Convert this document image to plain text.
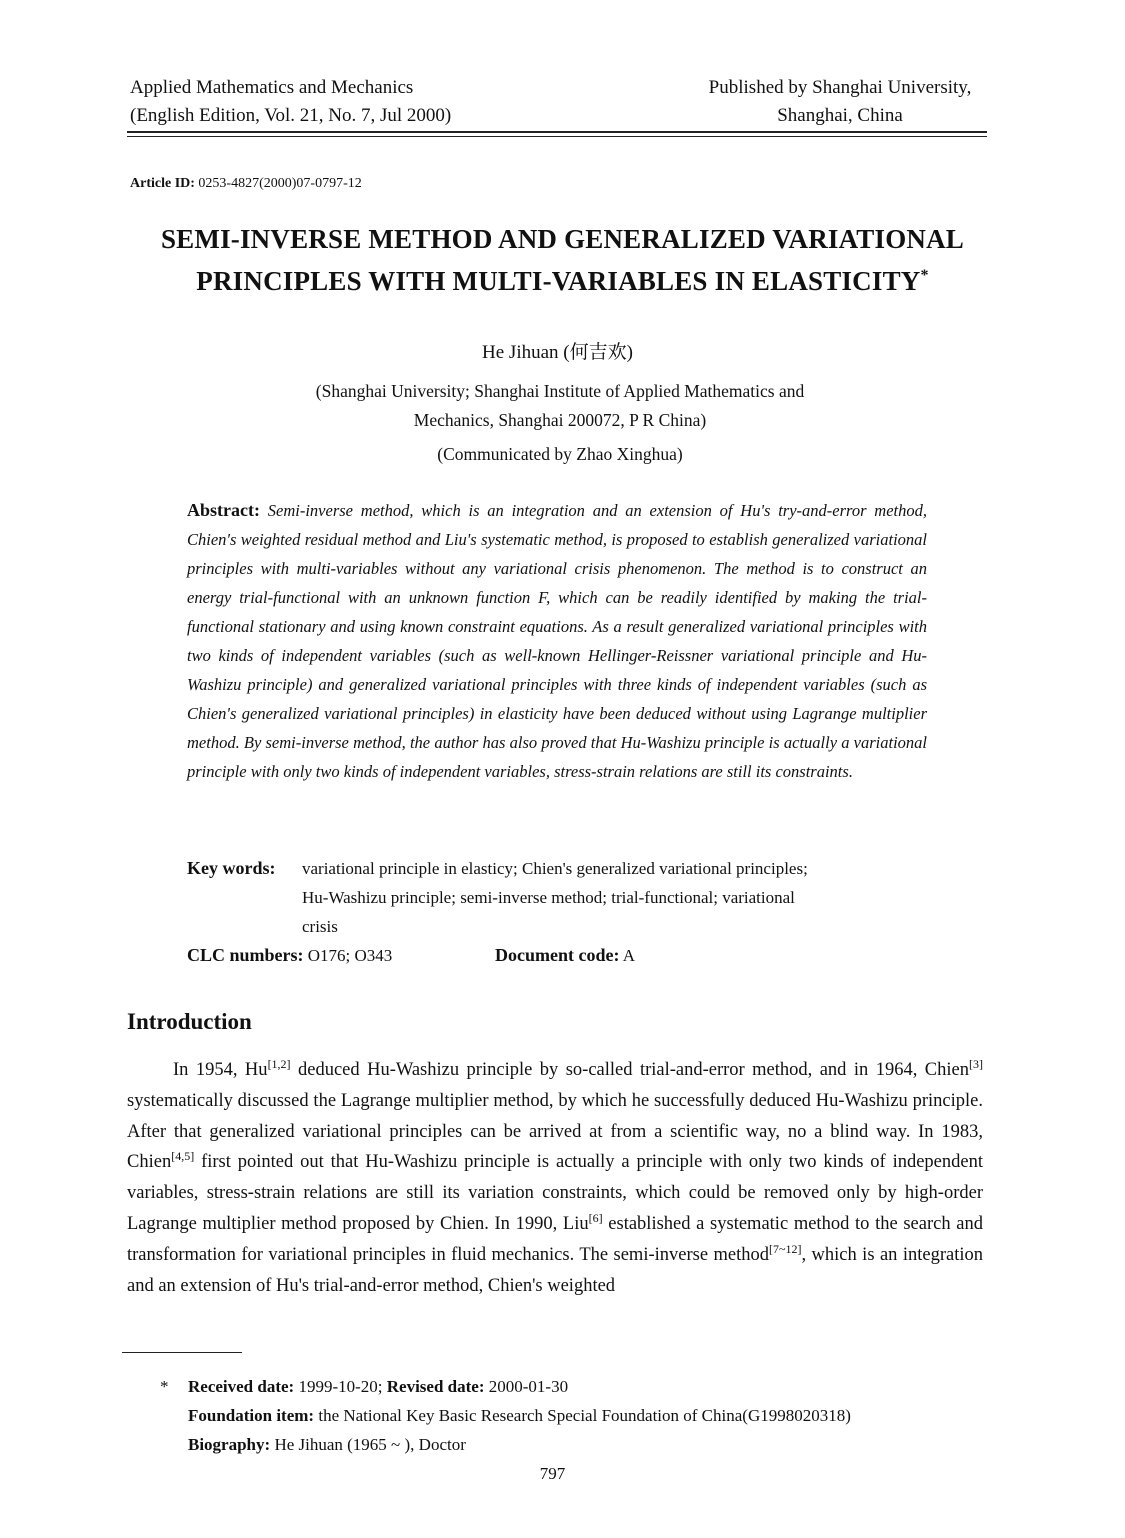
Applied Mathematics and Mechanics
(English Edition, Vol. 21, No. 7, Jul 2000)
Published by Shanghai University,
Shanghai, China
Article ID: 0253-4827(2000)07-0797-12
SEMI-INVERSE METHOD AND GENERALIZED VARIATIONAL
PRINCIPLES WITH MULTI-VARIABLES IN ELASTICITY*
He Jihuan (何吉欢)
(Shanghai University; Shanghai Institute of Applied Mathematics and
Mechanics, Shanghai 200072, P R China)
(Communicated by Zhao Xinghua)
Abstract: Semi-inverse method, which is an integration and an extension of Hu's try-and-error method, Chien's weighted residual method and Liu's systematic method, is proposed to establish generalized variational principles with multi-variables without any variational crisis phenomenon. The method is to construct an energy trial-functional with an unknown function F, which can be readily identified by making the trial-functional stationary and using known constraint equations. As a result generalized variational principles with two kinds of independent variables (such as well-known Hellinger-Reissner variational principle and Hu-Washizu principle) and generalized variational principles with three kinds of independent variables (such as Chien's generalized variational principles) in elasticity have been deduced without using Lagrange multiplier method. By semi-inverse method, the author has also proved that Hu-Washizu principle is actually a variational principle with only two kinds of independent variables, stress-strain relations are still its constraints.
Key words: variational principle in elasticy; Chien's generalized variational principles;
Hu-Washizu principle; semi-inverse method; trial-functional; variational
crisis
CLC numbers: O176; O343	Document code: A
Introduction

In 1954, Hu[1,2] deduced Hu-Washizu principle by so-called trial-and-error method, and in 1964, Chien[3] systematically discussed the Lagrange multiplier method, by which he successfully deduced Hu-Washizu principle. After that generalized variational principles can be arrived at from a scientific way, no a blind way. In 1983, Chien[4,5] first pointed out that Hu-Washizu principle is actually a principle with only two kinds of independent variables, stress-strain relations are still its variation constraints, which could be removed only by high-order Lagrange multiplier method proposed by Chien. In 1990, Liu[6] established a systematic method to the search and transformation for variational principles in fluid mechanics. The semi-inverse method[7~12], which is an integration and an extension of Hu's trial-and-error method, Chien's weighted

* Received date: 1999-10-20; Revised date: 2000-01-30
Foundation item: the National Key Basic Research Special Foundation of China(G1998020318)
Biography: He Jihuan (1965 ~ ), Doctor
797
